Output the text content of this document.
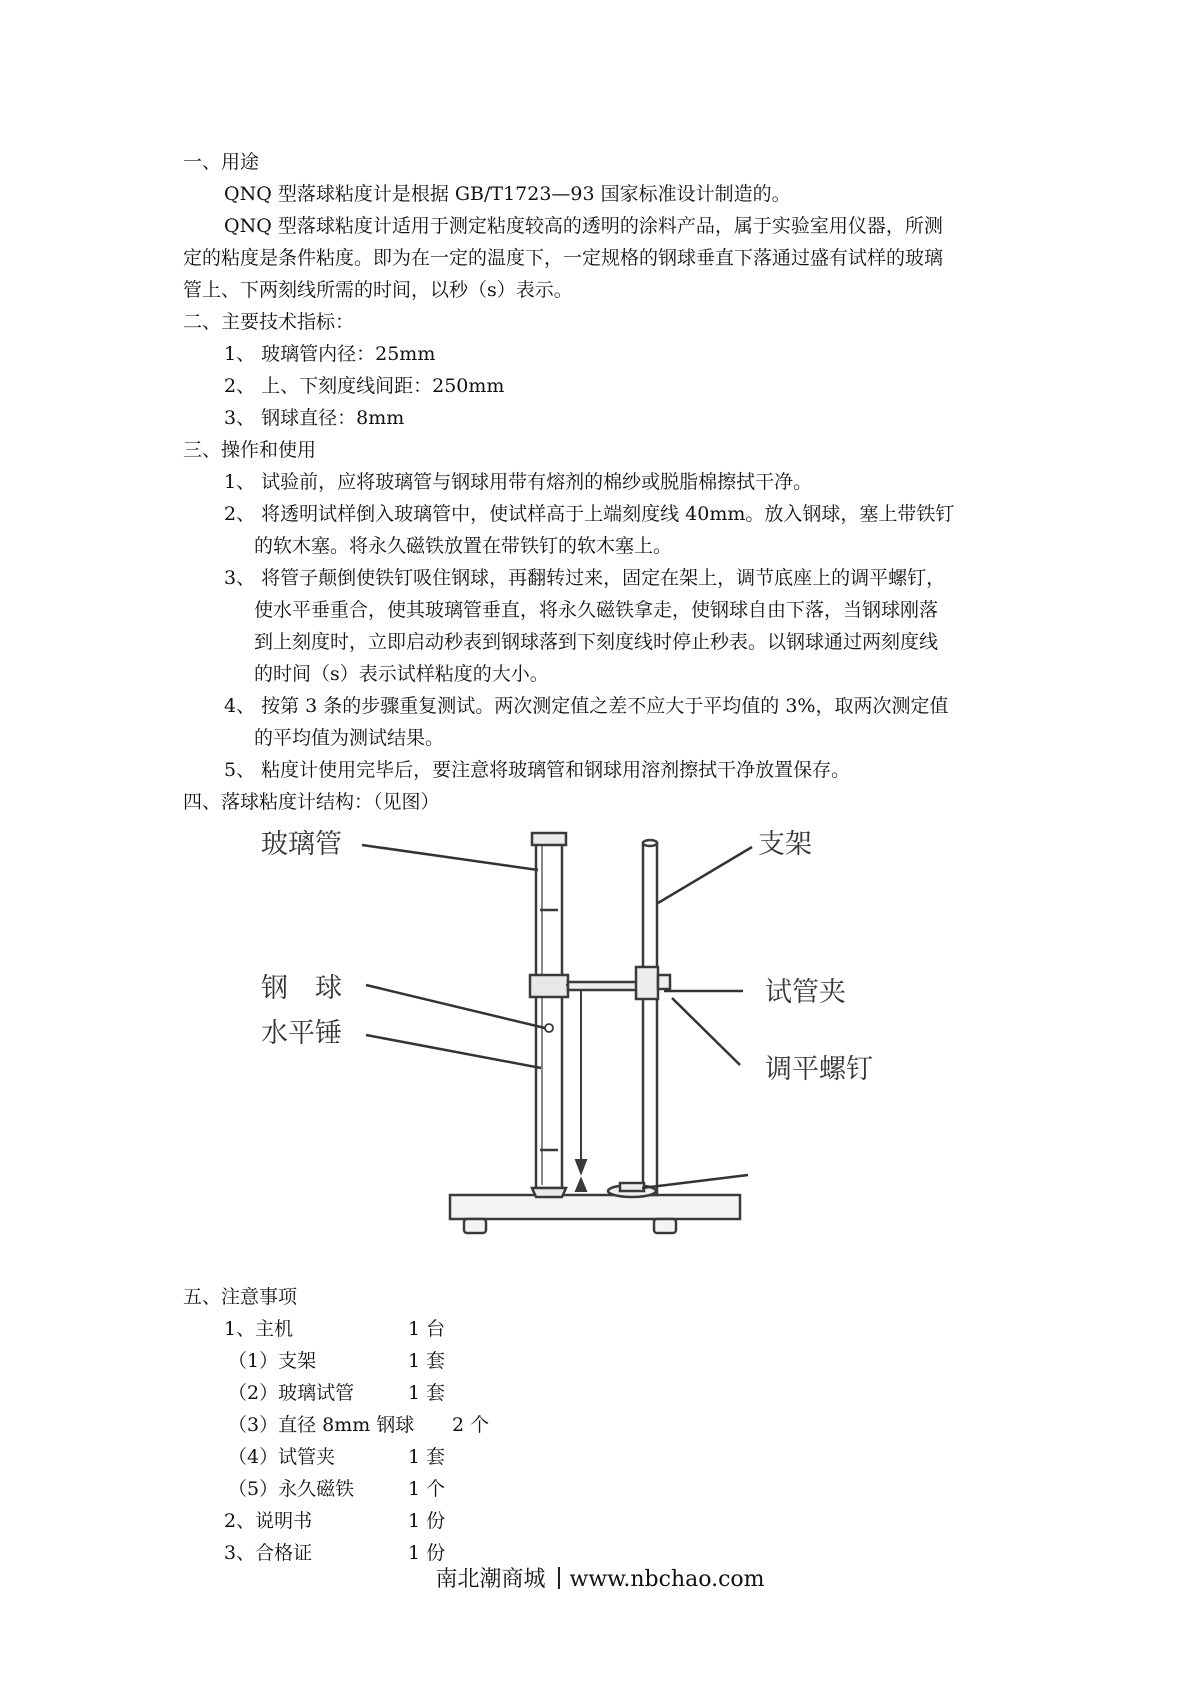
一、用途
QNQ 型落球粘度计是根据 GB/T1723—93 国家标准设计制造的。
QNQ 型落球粘度计适用于测定粘度较高的透明的涂料产品，属于实验室用仪器，所测
定的粘度是条件粘度。即为在一定的温度下，一定规格的钢球垂直下落通过盛有试样的玻璃
管上、下两刻线所需的时间，以秒（s）表示。
二、主要技术指标：
1、 玻璃管内径：25mm
2、 上、下刻度线间距：250mm
3、 钢球直径：8mm
三、操作和使用
1、 试验前，应将玻璃管与钢球用带有熔剂的棉纱或脱脂棉擦拭干净。
2、 将透明试样倒入玻璃管中，使试样高于上端刻度线 40mm。放入钢球，塞上带铁钉
的软木塞。将永久磁铁放置在带铁钉的软木塞上。
3、 将管子颠倒使铁钉吸住钢球，再翻转过来，固定在架上，调节底座上的调平螺钉，
使水平垂重合，使其玻璃管垂直，将永久磁铁拿走，使钢球自由下落，当钢球刚落
到上刻度时，立即启动秒表到钢球落到下刻度线时停止秒表。以钢球通过两刻度线
的时间（s）表示试样粘度的大小。
4、 按第 3 条的步骤重复测试。两次测定值之差不应大于平均值的 3%，取两次测定值
的平均值为测试结果。
5、 粘度计使用完毕后，要注意将玻璃管和钢球用溶剂擦拭干净放置保存。
四、落球粘度计结构：（见图）
玻璃管	支架
钢　球	试管夹
水平锤
调平螺钉
五、注意事项
1、主机	1 台
（1）支架	1 套
（2）玻璃试管	1 套
（3）直径 8mm 钢球 2 个
（4）试管夹	1 套
（5）永久磁铁	1 个
2、说明书	1 份
3、合格证	1 份
南北潮商城 www.nbchao.com
